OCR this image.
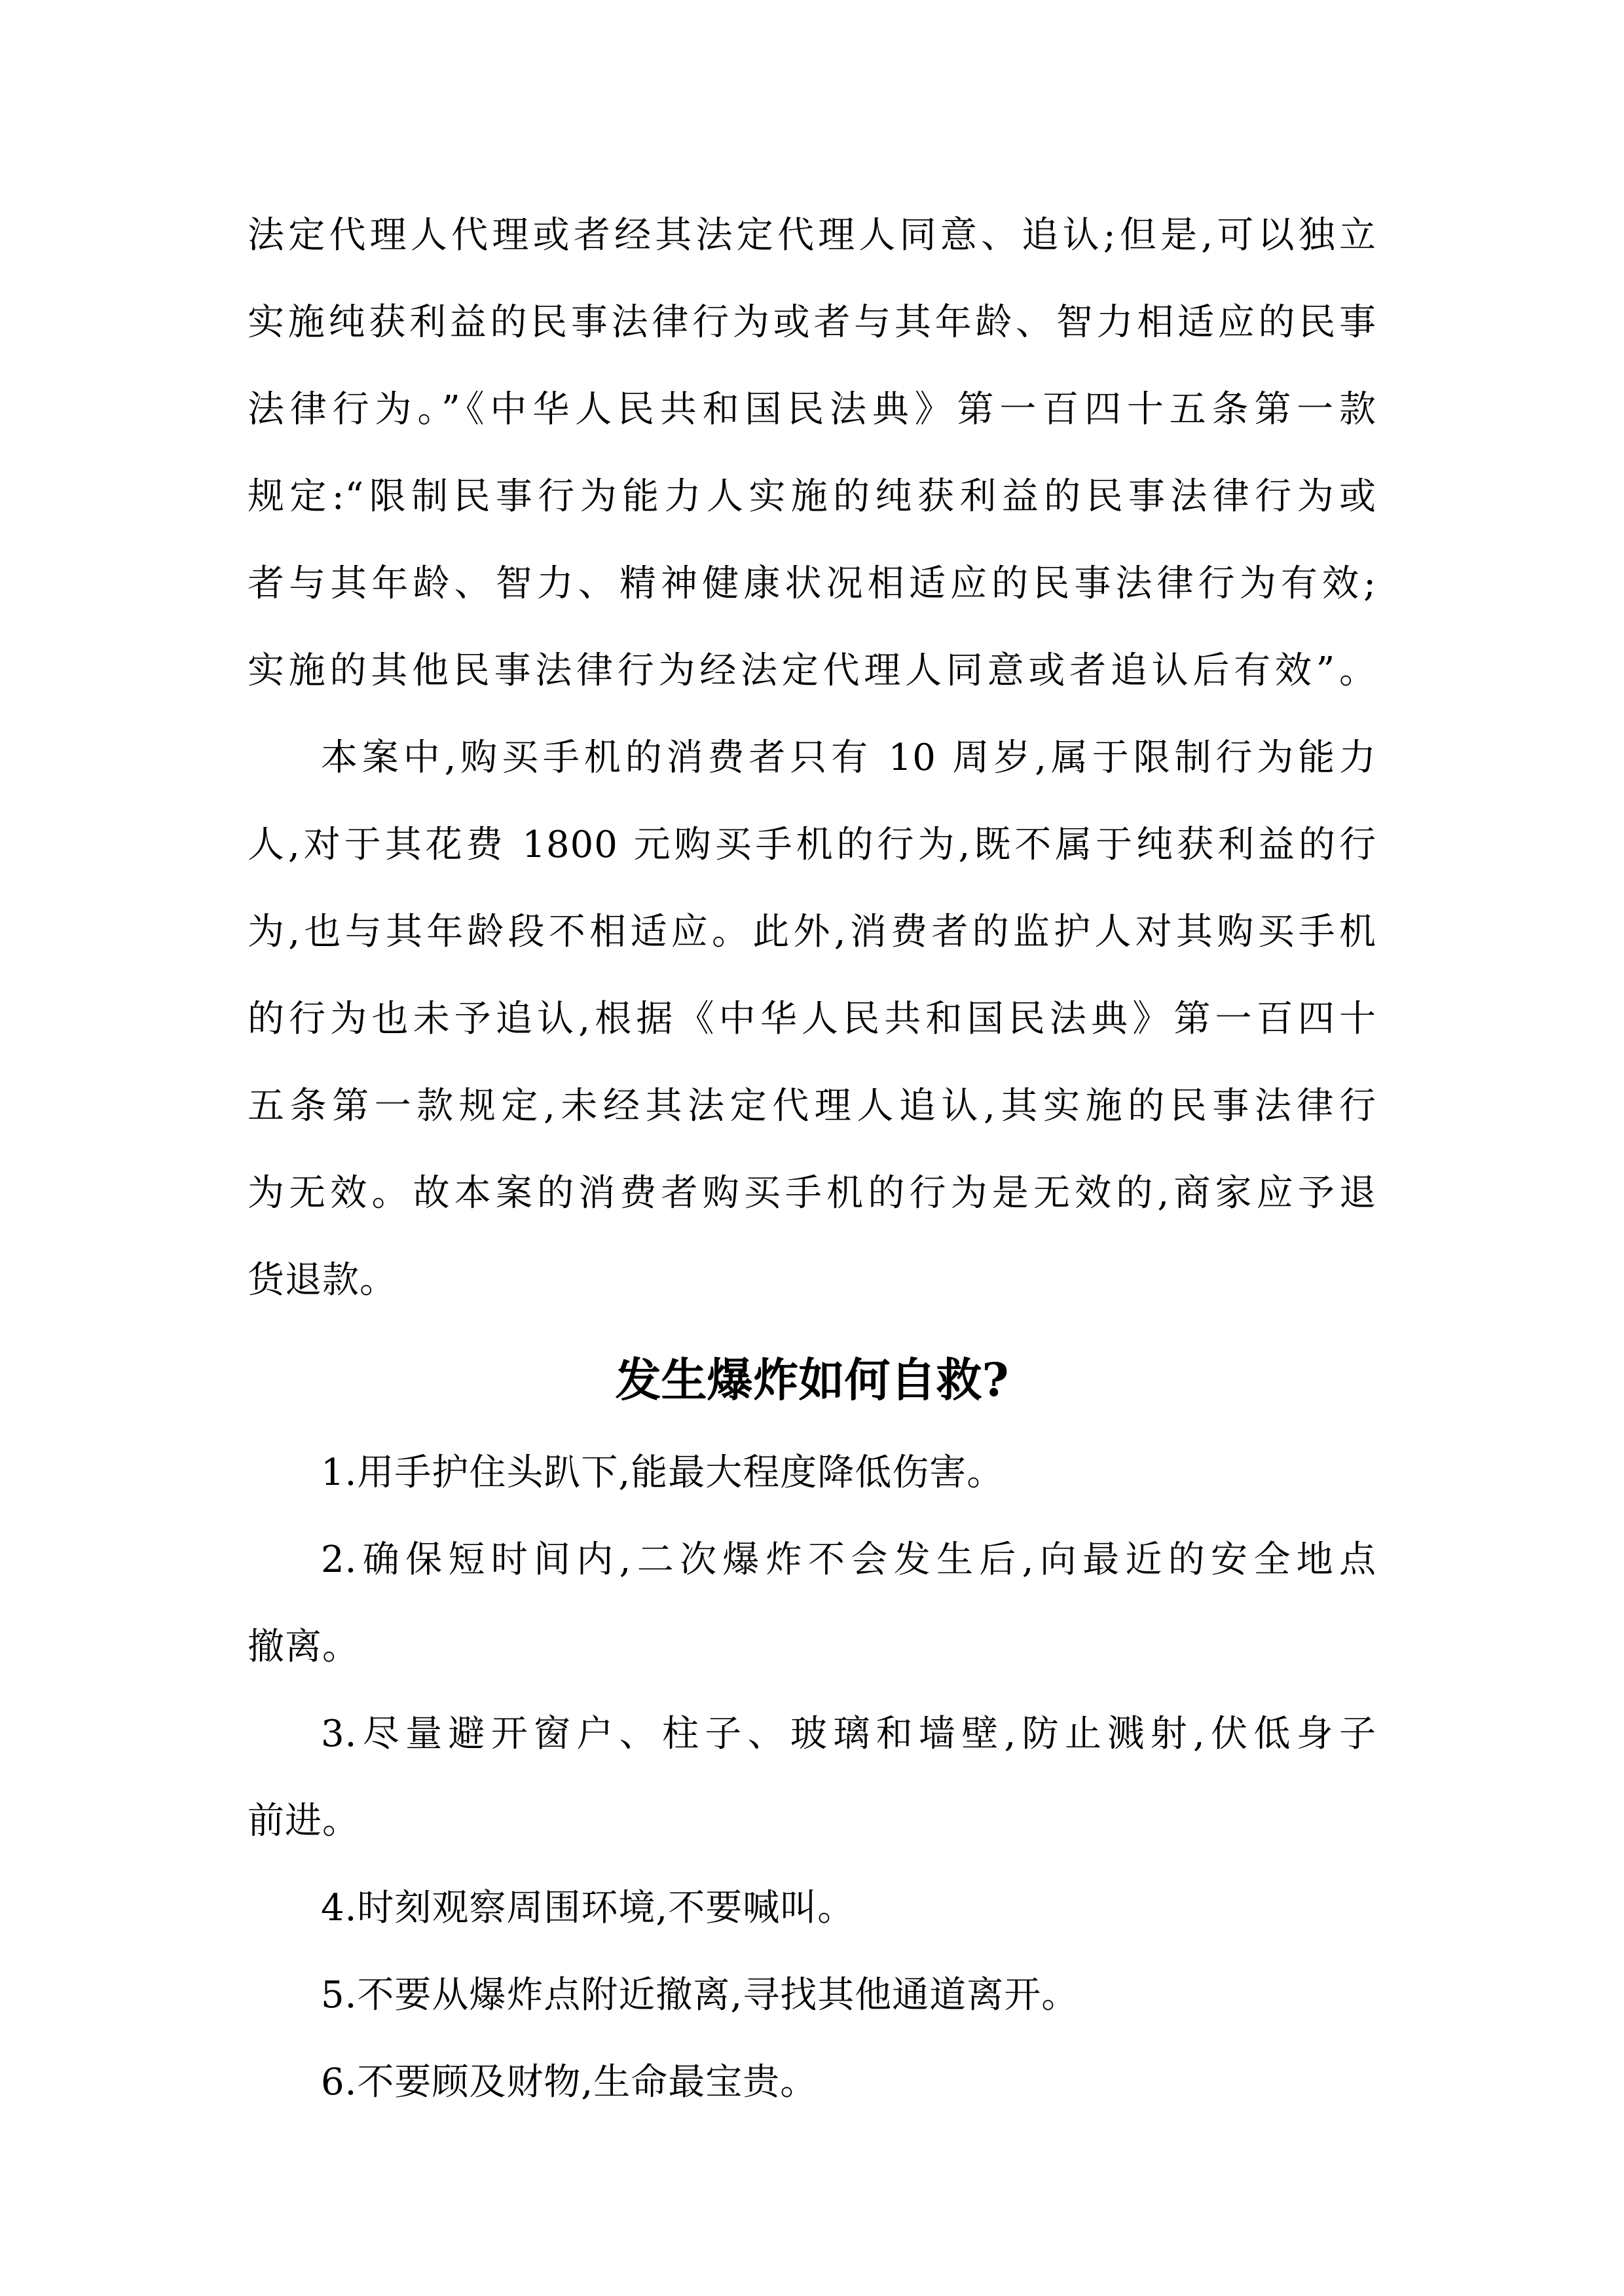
法定代理人代理或者经其法定代理人同意、追认;但是,可以独立

实施纯获利益的民事法律行为或者与其年龄、智力相适应的民事

法律行为。”《中华人民共和国民法典》第一百四十五条第一款

规定:“限制民事行为能力人实施的纯获利益的民事法律行为或

者与其年龄、智力、精神健康状况相适应的民事法律行为有效;

实施的其他民事法律行为经法定代理人同意或者追认后有效”。

本案中,购买手机的消费者只有 10 周岁,属于限制行为能力

人,对于其花费 1800 元购买手机的行为,既不属于纯获利益的行

为,也与其年龄段不相适应。此外,消费者的监护人对其购买手机

的行为也未予追认,根据《中华人民共和国民法典》第一百四十

五条第一款规定,未经其法定代理人追认,其实施的民事法律行

为无效。故本案的消费者购买手机的行为是无效的,商家应予退

货退款。

发生爆炸如何自救?

1.用手护住头趴下,能最大程度降低伤害。

2.确保短时间内,二次爆炸不会发生后,向最近的安全地点

撤离。

3.尽量避开窗户、柱子、玻璃和墙壁,防止溅射,伏低身子

前进。

4.时刻观察周围环境,不要喊叫。

5.不要从爆炸点附近撤离,寻找其他通道离开。

6.不要顾及财物,生命最宝贵。
